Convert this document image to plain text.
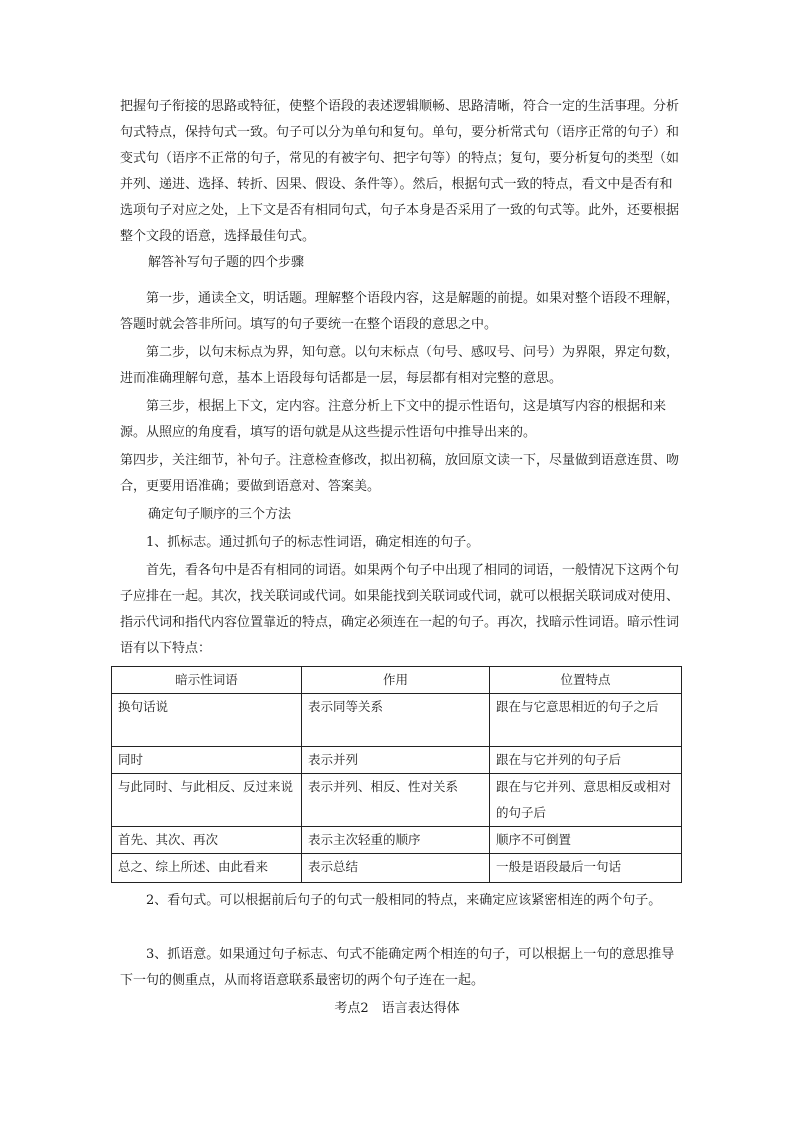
把握句子衔接的思路或特征，使整个语段的表述逻辑顺畅、思路清晰，符合一定的生活事理。分析句式特点，保持句式一致。句子可以分为单句和复句。单句，要分析常式句（语序正常的句子）和变式句（语序不正常的句子，常见的有被字句、把字句等）的特点；复句，要分析复句的类型（如并列、递进、选择、转折、因果、假设、条件等）。然后，根据句式一致的特点，看文中是否有和选项句子对应之处，上下文是否有相同句式，句子本身是否采用了一致的句式等。此外，还要根据整个文段的语意，选择最佳句式。

解答补写句子题的四个步骤

第一步，通读全文，明话题。理解整个语段内容，这是解题的前提。如果对整个语段不理解，答题时就会答非所问。填写的句子要统一在整个语段的意思之中。

第二步，以句末标点为界，知句意。以句末标点（句号、感叹号、问号）为界限，界定句数，进而准确理解句意，基本上语段每句话都是一层，每层都有相对完整的意思。

第三步，根据上下文，定内容。注意分析上下文中的提示性语句，这是填写内容的根据和来源。从照应的角度看，填写的语句就是从这些提示性语句中推导出来的。

第四步，关注细节，补句子。注意检查修改，拟出初稿，放回原文读一下，尽量做到语意连贯、吻合，更要用语准确；要做到语意对、答案美。

确定句子顺序的三个方法

1、抓标志。通过抓句子的标志性词语，确定相连的句子。

首先，看各句中是否有相同的词语。如果两个句子中出现了相同的词语，一般情况下这两个句子应排在一起。其次，找关联词或代词。如果能找到关联词或代词，就可以根据关联词成对使用、指示代词和指代内容位置靠近的特点，确定必须连在一起的句子。再次，找暗示性词语。暗示性词语有以下特点：

暗示性词语	作用	位置特点
换句话说	表示同等关系	跟在与它意思相近的句子之后
同时	表示并列	跟在与它并列的句子后
与此同时、与此相反、反过来说	表示并列、相反、性对关系	跟在与它并列、意思相反或相对的句子后
首先、其次、再次	表示主次轻重的顺序	顺序不可倒置
总之、综上所述、由此看来	表示总结	一般是语段最后一句话

2、看句式。可以根据前后句子的句式一般相同的特点，来确定应该紧密相连的两个句子。

3、抓语意。如果通过句子标志、句式不能确定两个相连的句子，可以根据上一句的意思推导下一句的侧重点，从而将语意联系最密切的两个句子连在一起。

考点2　语言表达得体
